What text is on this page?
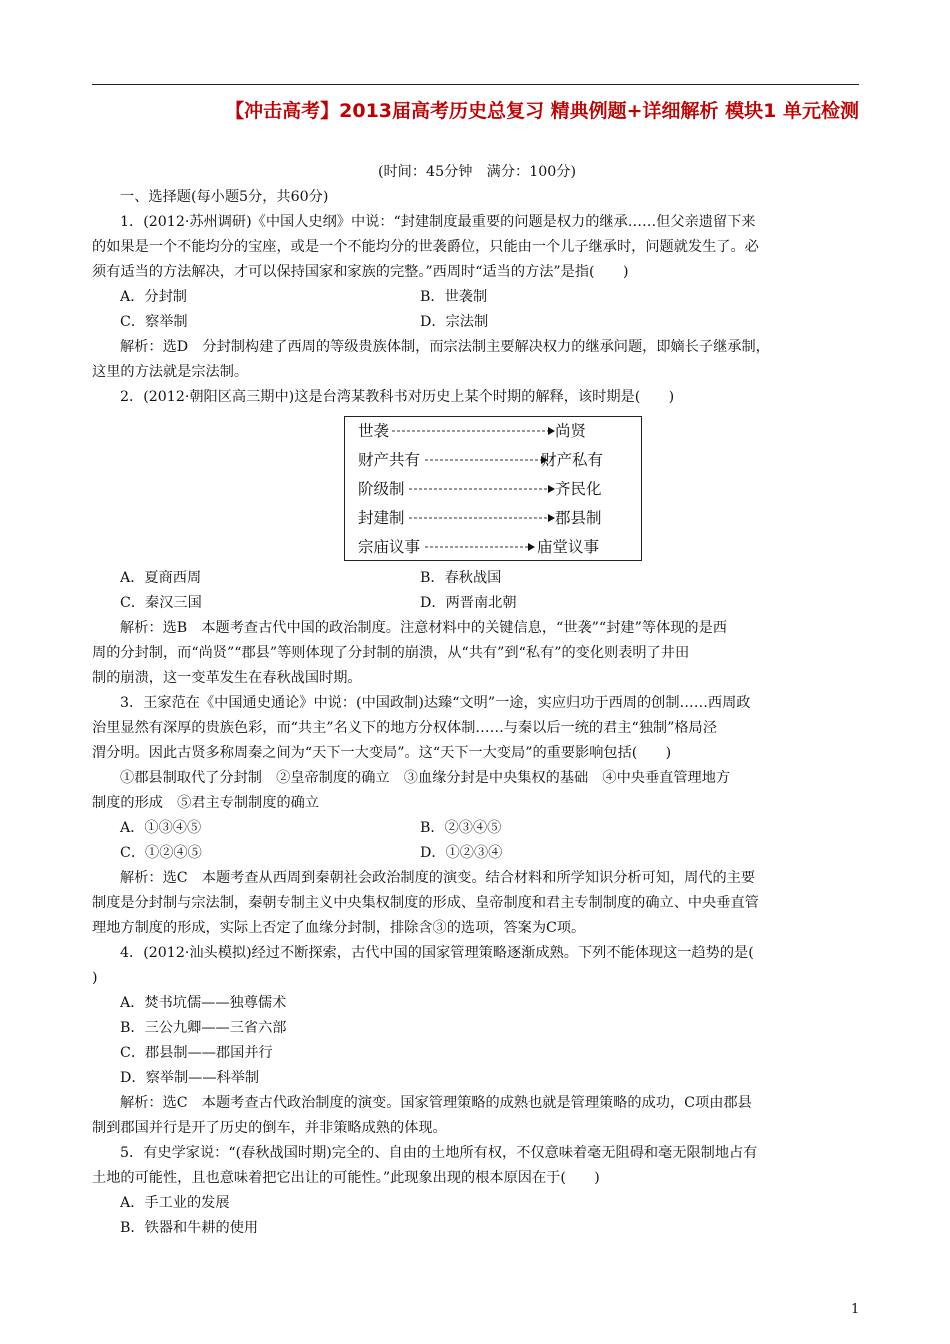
【冲击高考】2013届高考历史总复习 精典例题+详细解析 模块1 单元检测
(时间：45分钟　满分：100分)
一、选择题(每小题5分，共60分)
1．(2012·苏州调研)《中国人史纲》中说：“封建制度最重要的问题是权力的继承……但父亲遗留下来
的如果是一个不能均分的宝座，或是一个不能均分的世袭爵位，只能由一个儿子继承时，问题就发生了。必
须有适当的方法解决，才可以保持国家和家族的完整。”西周时“适当的方法”是指(　　)
A．分封制	B．世袭制
C．察举制	D．宗法制
解析：选D　分封制构建了西周的等级贵族体制，而宗法制主要解决权力的继承问题，即嫡长子继承制，
这里的方法就是宗法制。
2．(2012·朝阳区高三期中)这是台湾某教科书对历史上某个时期的解释，该时期是(　　)
世袭	尚贤
财产共有	财产私有
阶级制	齐民化
封建制	郡县制
宗庙议事	庙堂议事
A．夏商西周	B．春秋战国
C．秦汉三国	D．两晋南北朝
解析：选B　本题考查古代中国的政治制度。注意材料中的关键信息，“世袭”“封建”等体现的是西
周的分封制，而“尚贤”“郡县”等则体现了分封制的崩溃，从“共有”到“私有”的变化则表明了井田
制的崩溃，这一变革发生在春秋战国时期。
3．王家范在《中国通史通论》中说：(中国政制)达臻“文明”一途，实应归功于西周的创制……西周政
治里显然有深厚的贵族色彩，而“共主”名义下的地方分权体制……与秦以后一统的君主“独制”格局泾
渭分明。因此古贤多称周秦之间为“天下一大变局”。这“天下一大变局”的重要影响包括(　　)
①郡县制取代了分封制　②皇帝制度的确立　③血缘分封是中央集权的基础　④中央垂直管理地方
制度的形成　⑤君主专制制度的确立
A．①③④⑤	B．②③④⑤
C．①②④⑤	D．①②③④
解析：选C　本题考查从西周到秦朝社会政治制度的演变。结合材料和所学知识分析可知，周代的主要
制度是分封制与宗法制，秦朝专制主义中央集权制度的形成、皇帝制度和君主专制制度的确立、中央垂直管
理地方制度的形成，实际上否定了血缘分封制，排除含③的选项，答案为C项。
4．(2012·汕头模拟)经过不断探索，古代中国的国家管理策略逐渐成熟。下列不能体现这一趋势的是(
)
A．焚书坑儒——独尊儒术
B．三公九卿——三省六部
C．郡县制——郡国并行
D．察举制——科举制
解析：选C　本题考查古代政治制度的演变。国家管理策略的成熟也就是管理策略的成功，C项由郡县
制到郡国并行是开了历史的倒车，并非策略成熟的体现。
5．有史学家说：“(春秋战国时期)完全的、自由的土地所有权，不仅意味着毫无阻碍和毫无限制地占有
土地的可能性，且也意味着把它出让的可能性。”此现象出现的根本原因在于(　　)
A．手工业的发展
B．铁器和牛耕的使用
1
